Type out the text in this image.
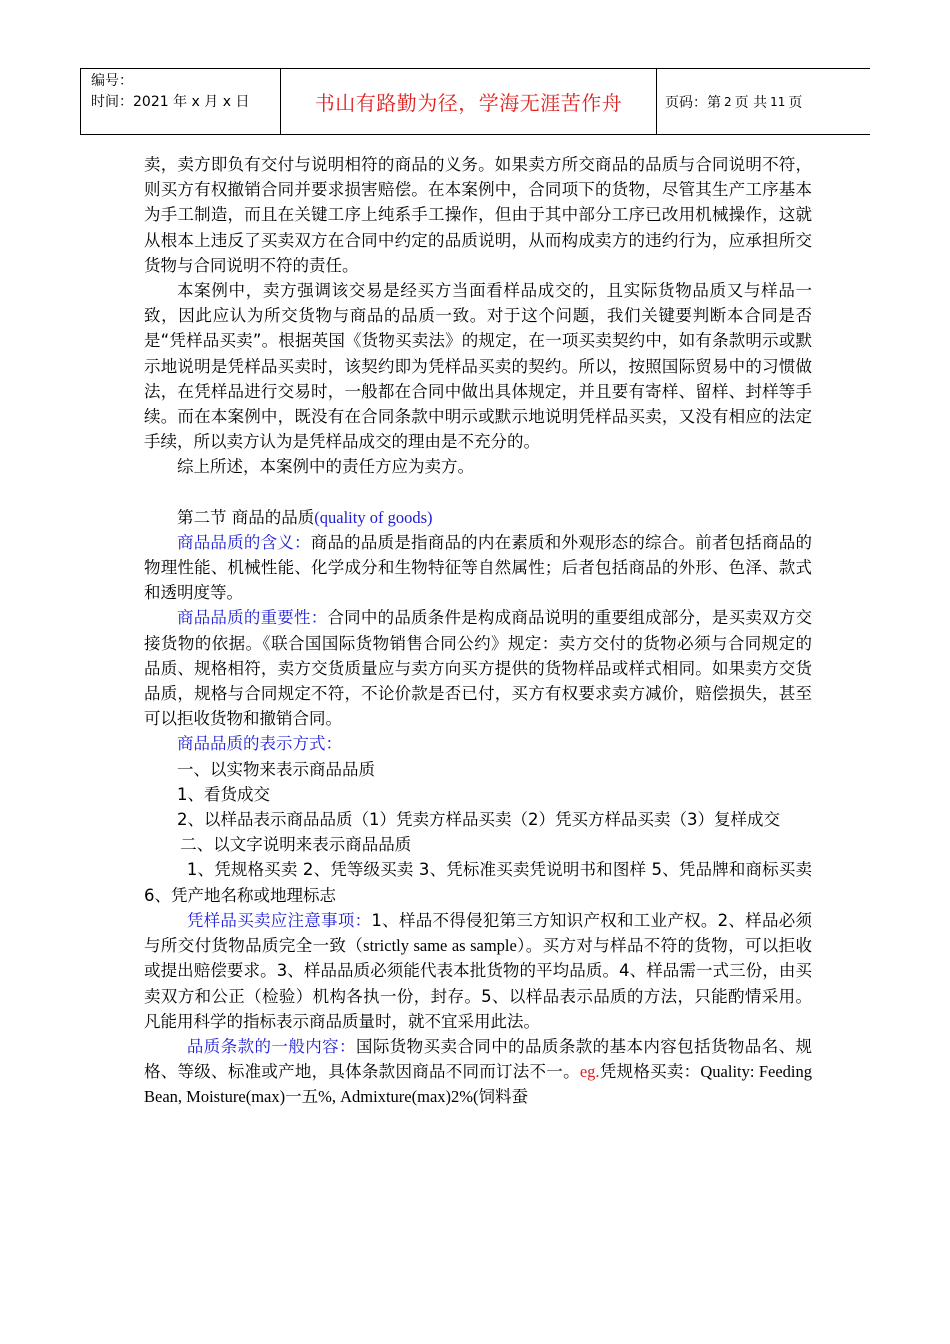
编号：
时间：2021 年 x 月 x 日	书山有路勤为径，学海无涯苦作舟	页码：第 2 页 共 11 页

卖，卖方即负有交付与说明相符的商品的义务。如果卖方所交商品的品质与合同说明不符，则买方有权撤销合同并要求损害赔偿。在本案例中，合同项下的货物，尽管其生产工序基本为手工制造，而且在关键工序上纯系手工操作，但由于其中部分工序已改用机械操作，这就从根本上违反了买卖双方在合同中约定的品质说明，从而构成卖方的违约行为，应承担所交货物与合同说明不符的责任。

本案例中，卖方强调该交易是经买方当面看样品成交的，且实际货物品质又与样品一致，因此应认为所交货物与商品的品质一致。对于这个问题，我们关键要判断本合同是否是“凭样品买卖”。根据英国《货物买卖法》的规定，在一项买卖契约中，如有条款明示或默示地说明是凭样品买卖时，该契约即为凭样品买卖的契约。所以，按照国际贸易中的习惯做法，在凭样品进行交易时，一般都在合同中做出具体规定，并且要有寄样、留样、封样等手续。而在本案例中，既没有在合同条款中明示或默示地说明凭样品买卖，又没有相应的法定手续，所以卖方认为是凭样品成交的理由是不充分的。

综上所述，本案例中的责任方应为卖方。

第二节 商品的品质(quality of goods)

商品品质的含义：商品的品质是指商品的内在素质和外观形态的综合。前者包括商品的物理性能、机械性能、化学成分和生物特征等自然属性；后者包括商品的外形、色泽、款式和透明度等。

商品品质的重要性：合同中的品质条件是构成商品说明的重要组成部分，是买卖双方交接货物的依据。《联合国国际货物销售合同公约》规定：卖方交付的货物必须与合同规定的品质、规格相符，卖方交货质量应与卖方向买方提供的货物样品或样式相同。如果卖方交货品质，规格与合同规定不符，不论价款是否已付，买方有权要求卖方减价，赔偿损失，甚至可以拒收货物和撤销合同。

商品品质的表示方式：

一、以实物来表示商品品质

1、看货成交

2、以样品表示商品品质（1）凭卖方样品买卖（2）凭买方样品买卖（3）复样成交

二、以文字说明来表示商品品质

1、凭规格买卖 2、凭等级买卖 3、凭标准买卖凭说明书和图样 5、凭品牌和商标买卖 6、凭产地名称或地理标志

凭样品买卖应注意事项：1、样品不得侵犯第三方知识产权和工业产权。2、样品必须与所交付货物品质完全一致（strictly same as sample）。买方对与样品不符的货物，可以拒收或提出赔偿要求。3、样品品质必须能代表本批货物的平均品质。4、样品需一式三份，由买卖双方和公正（检验）机构各执一份，封存。5、以样品表示品质的方法，只能酌情采用。凡能用科学的指标表示商品质量时，就不宜采用此法。

品质条款的一般内容：国际货物买卖合同中的品质条款的基本内容包括货物品名、规格、等级、标准或产地，具体条款因商品不同而订法不一。eg.凭规格买卖：Quality: Feeding Bean, Moisture(max)一五%, Admixture(max)2%(饲料蚕
